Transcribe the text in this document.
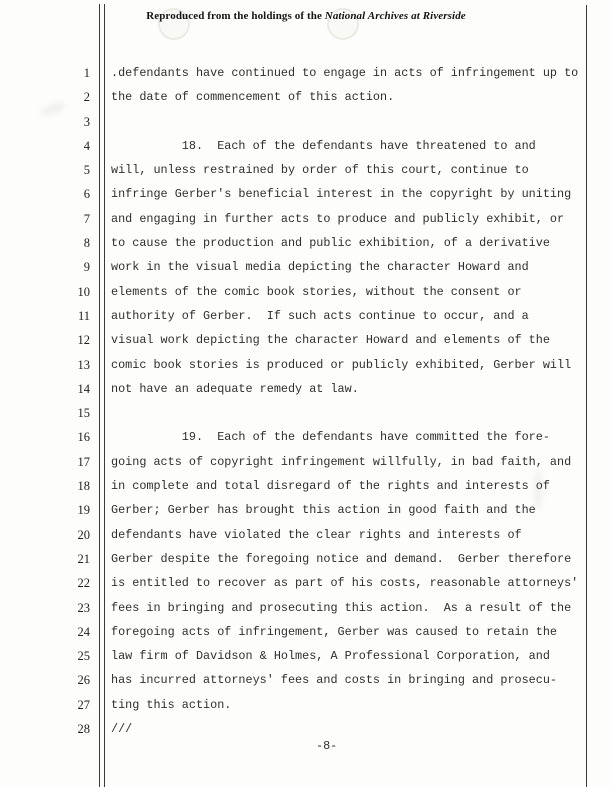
Reproduced from the holdings of the National Archives at Riverside
1 .defendants have continued to engage in acts of infringement up to
2 the date of commencement of this action.
3
4 18.  Each of the defendants have threatened to and
5 will, unless restrained by order of this court, continue to
6 infringe Gerber's beneficial interest in the copyright by uniting
7 and engaging in further acts to produce and publicly exhibit, or
8 to cause the production and public exhibition, of a derivative
9 work in the visual media depicting the character Howard and
10 elements of the comic book stories, without the consent or
11 authority of Gerber.  If such acts continue to occur, and a
12 visual work depicting the character Howard and elements of the
13 comic book stories is produced or publicly exhibited, Gerber will
14 not have an adequate remedy at law.
15
16 19.  Each of the defendants have committed the fore-
17 going acts of copyright infringement willfully, in bad faith, and
18 in complete and total disregard of the rights and interests of
19 Gerber; Gerber has brought this action in good faith and the
20 defendants have violated the clear rights and interests of
21 Gerber despite the foregoing notice and demand.  Gerber therefore
22 is entitled to recover as part of his costs, reasonable attorneys'
23 fees in bringing and prosecuting this action.  As a result of the
24 foregoing acts of infringement, Gerber was caused to retain the
25 law firm of Davidson & Holmes, A Professional Corporation, and
26 has incurred attorneys' fees and costs in bringing and prosecu-
27 ting this action.
28 ///
-8-
